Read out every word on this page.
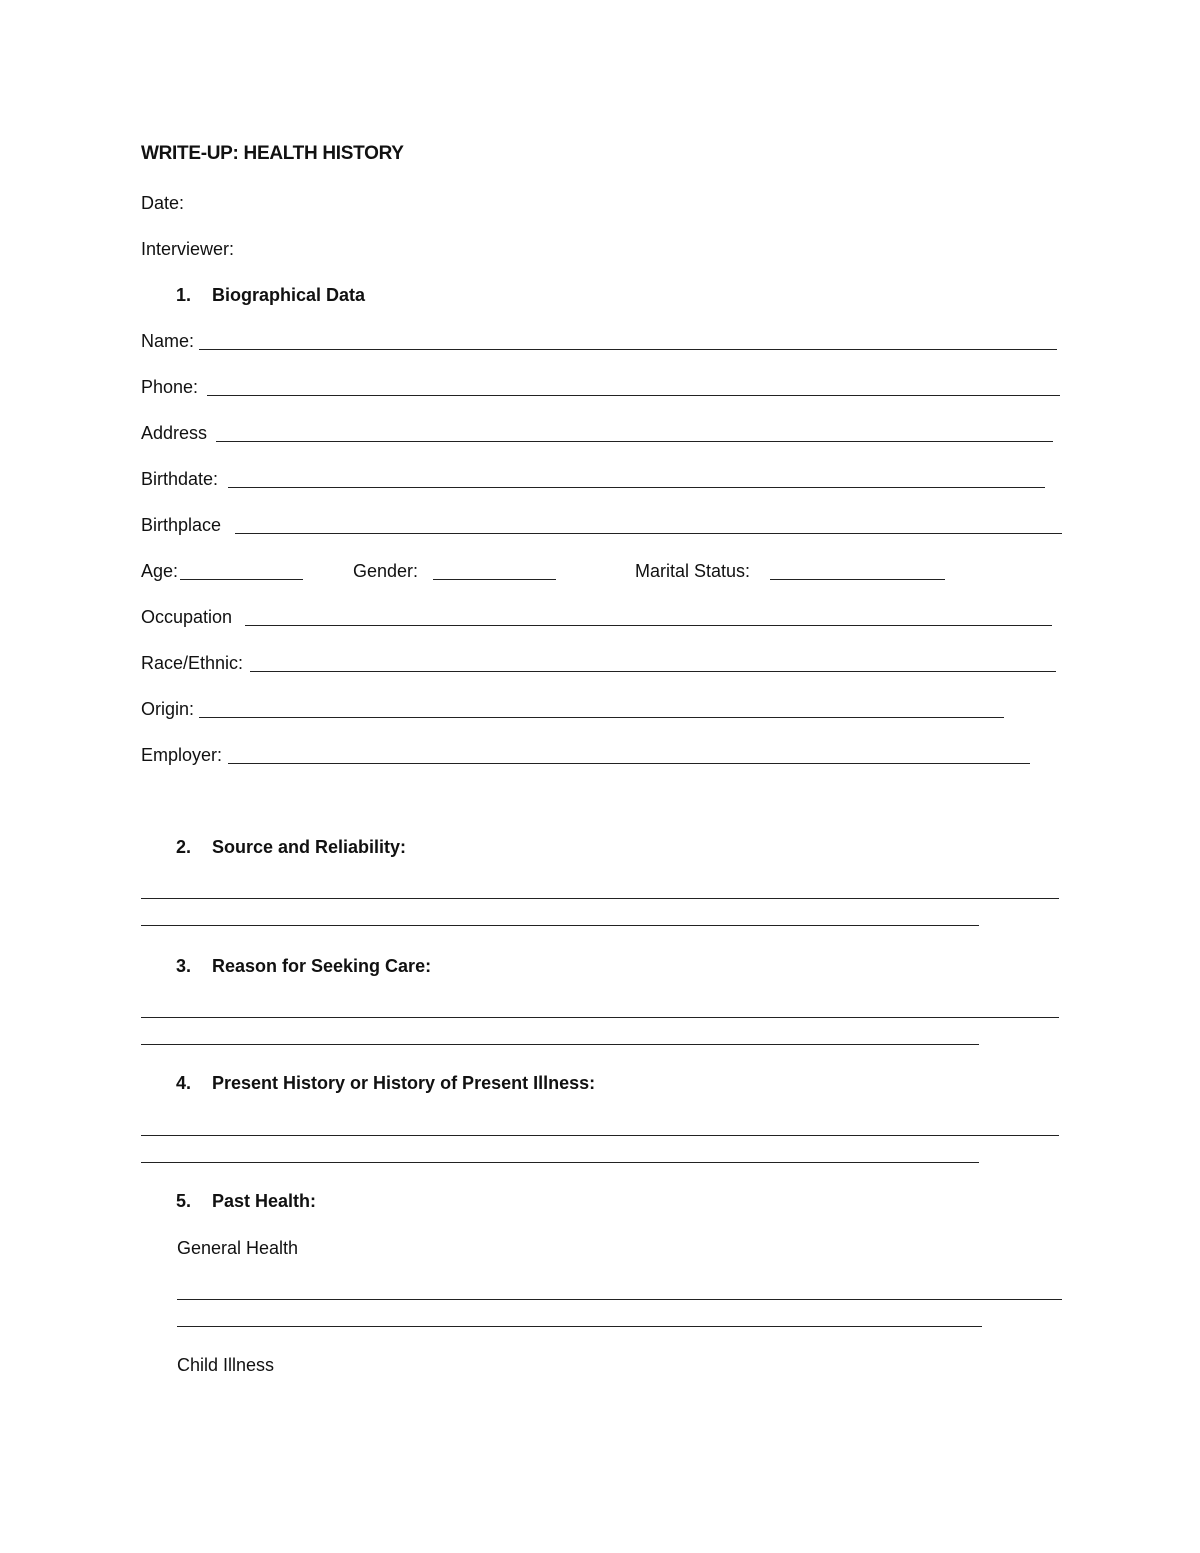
WRITE-UP: HEALTH HISTORY
Date:
Interviewer:
1. Biographical Data
Name:
Phone:
Address
Birthdate:
Birthplace
Age:	Gender:	Marital Status:
Occupation
Race/Ethnic:
Origin:
Employer:
2. Source and Reliability:
3. Reason for Seeking Care:
4. Present History or History of Present Illness:
5. Past Health:
General Health
Child Illness
